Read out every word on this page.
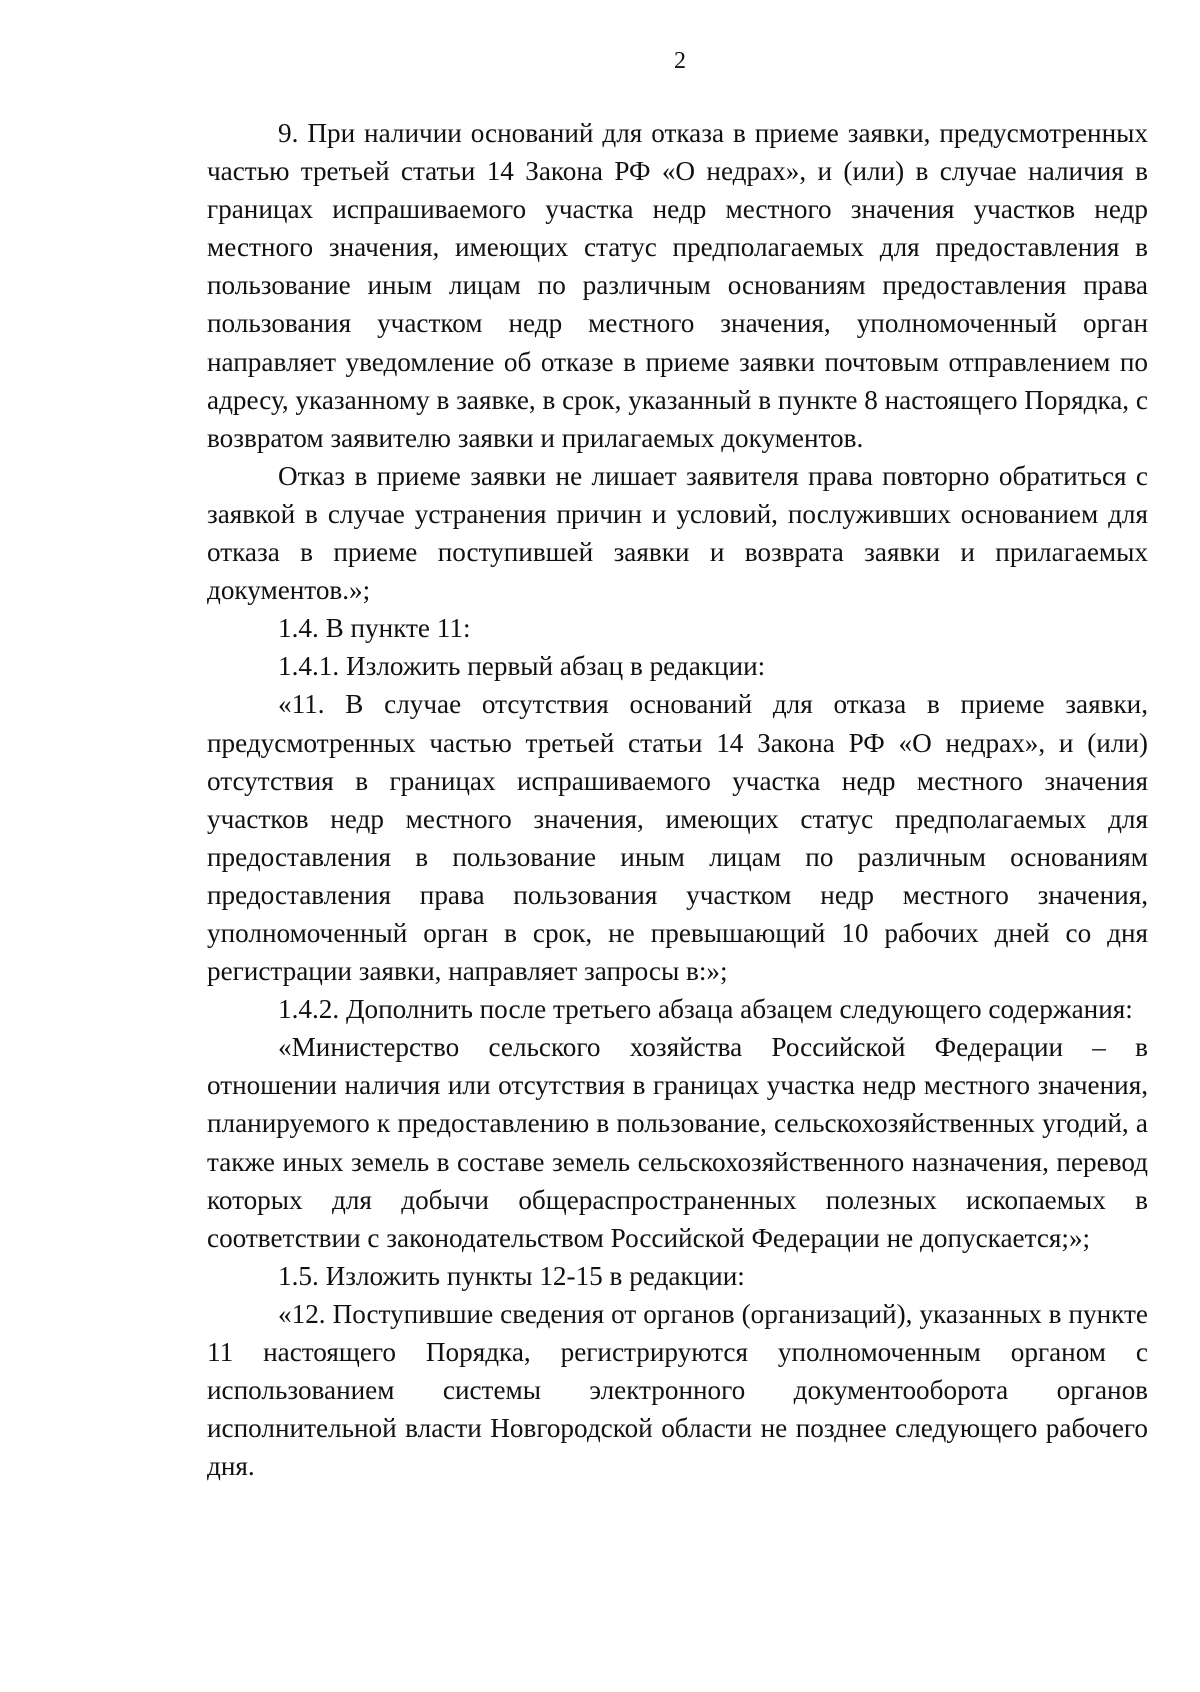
2

9. При наличии оснований для отказа в приеме заявки, предусмотренных частью третьей статьи 14 Закона РФ «О недрах», и (или) в случае наличия в границах испрашиваемого участка недр местного значения участков недр местного значения, имеющих статус предполагаемых для предоставления в пользование иным лицам по различным основаниям предоставления права пользования участком недр местного значения, уполномоченный орган направляет уведомление об отказе в приеме заявки почтовым отправлением по адресу, указанному в заявке, в срок, указанный в пункте 8 настоящего Порядка, с возвратом заявителю заявки и прилагаемых документов.

Отказ в приеме заявки не лишает заявителя права повторно обратиться с заявкой в случае устранения причин и условий, послуживших основанием для отказа в приеме поступившей заявки и возврата заявки и прилагаемых документов.»;

1.4. В пункте 11:

1.4.1. Изложить первый абзац в редакции:

«11. В случае отсутствия оснований для отказа в приеме заявки, предусмотренных частью третьей статьи 14 Закона РФ «О недрах», и (или) отсутствия в границах испрашиваемого участка недр местного значения участков недр местного значения, имеющих статус предполагаемых для предоставления в пользование иным лицам по различным основаниям предоставления права пользования участком недр местного значения, уполномоченный орган в срок, не превышающий 10 рабочих дней со дня регистрации заявки, направляет запросы в:»;

1.4.2. Дополнить после третьего абзаца абзацем следующего содержания:

«Министерство сельского хозяйства Российской Федерации – в отношении наличия или отсутствия в границах участка недр местного значения, планируемого к предоставлению в пользование, сельскохозяйственных угодий, а также иных земель в составе земель сельскохозяйственного назначения, перевод которых для добычи общераспространенных полезных ископаемых в соответствии с законодательством Российской Федерации не допускается;»;

1.5. Изложить пункты 12-15 в редакции:

«12. Поступившие сведения от органов (организаций), указанных в пункте 11 настоящего Порядка, регистрируются уполномоченным органом с использованием системы электронного документооборота органов исполнительной власти Новгородской области не позднее следующего рабочего дня.
